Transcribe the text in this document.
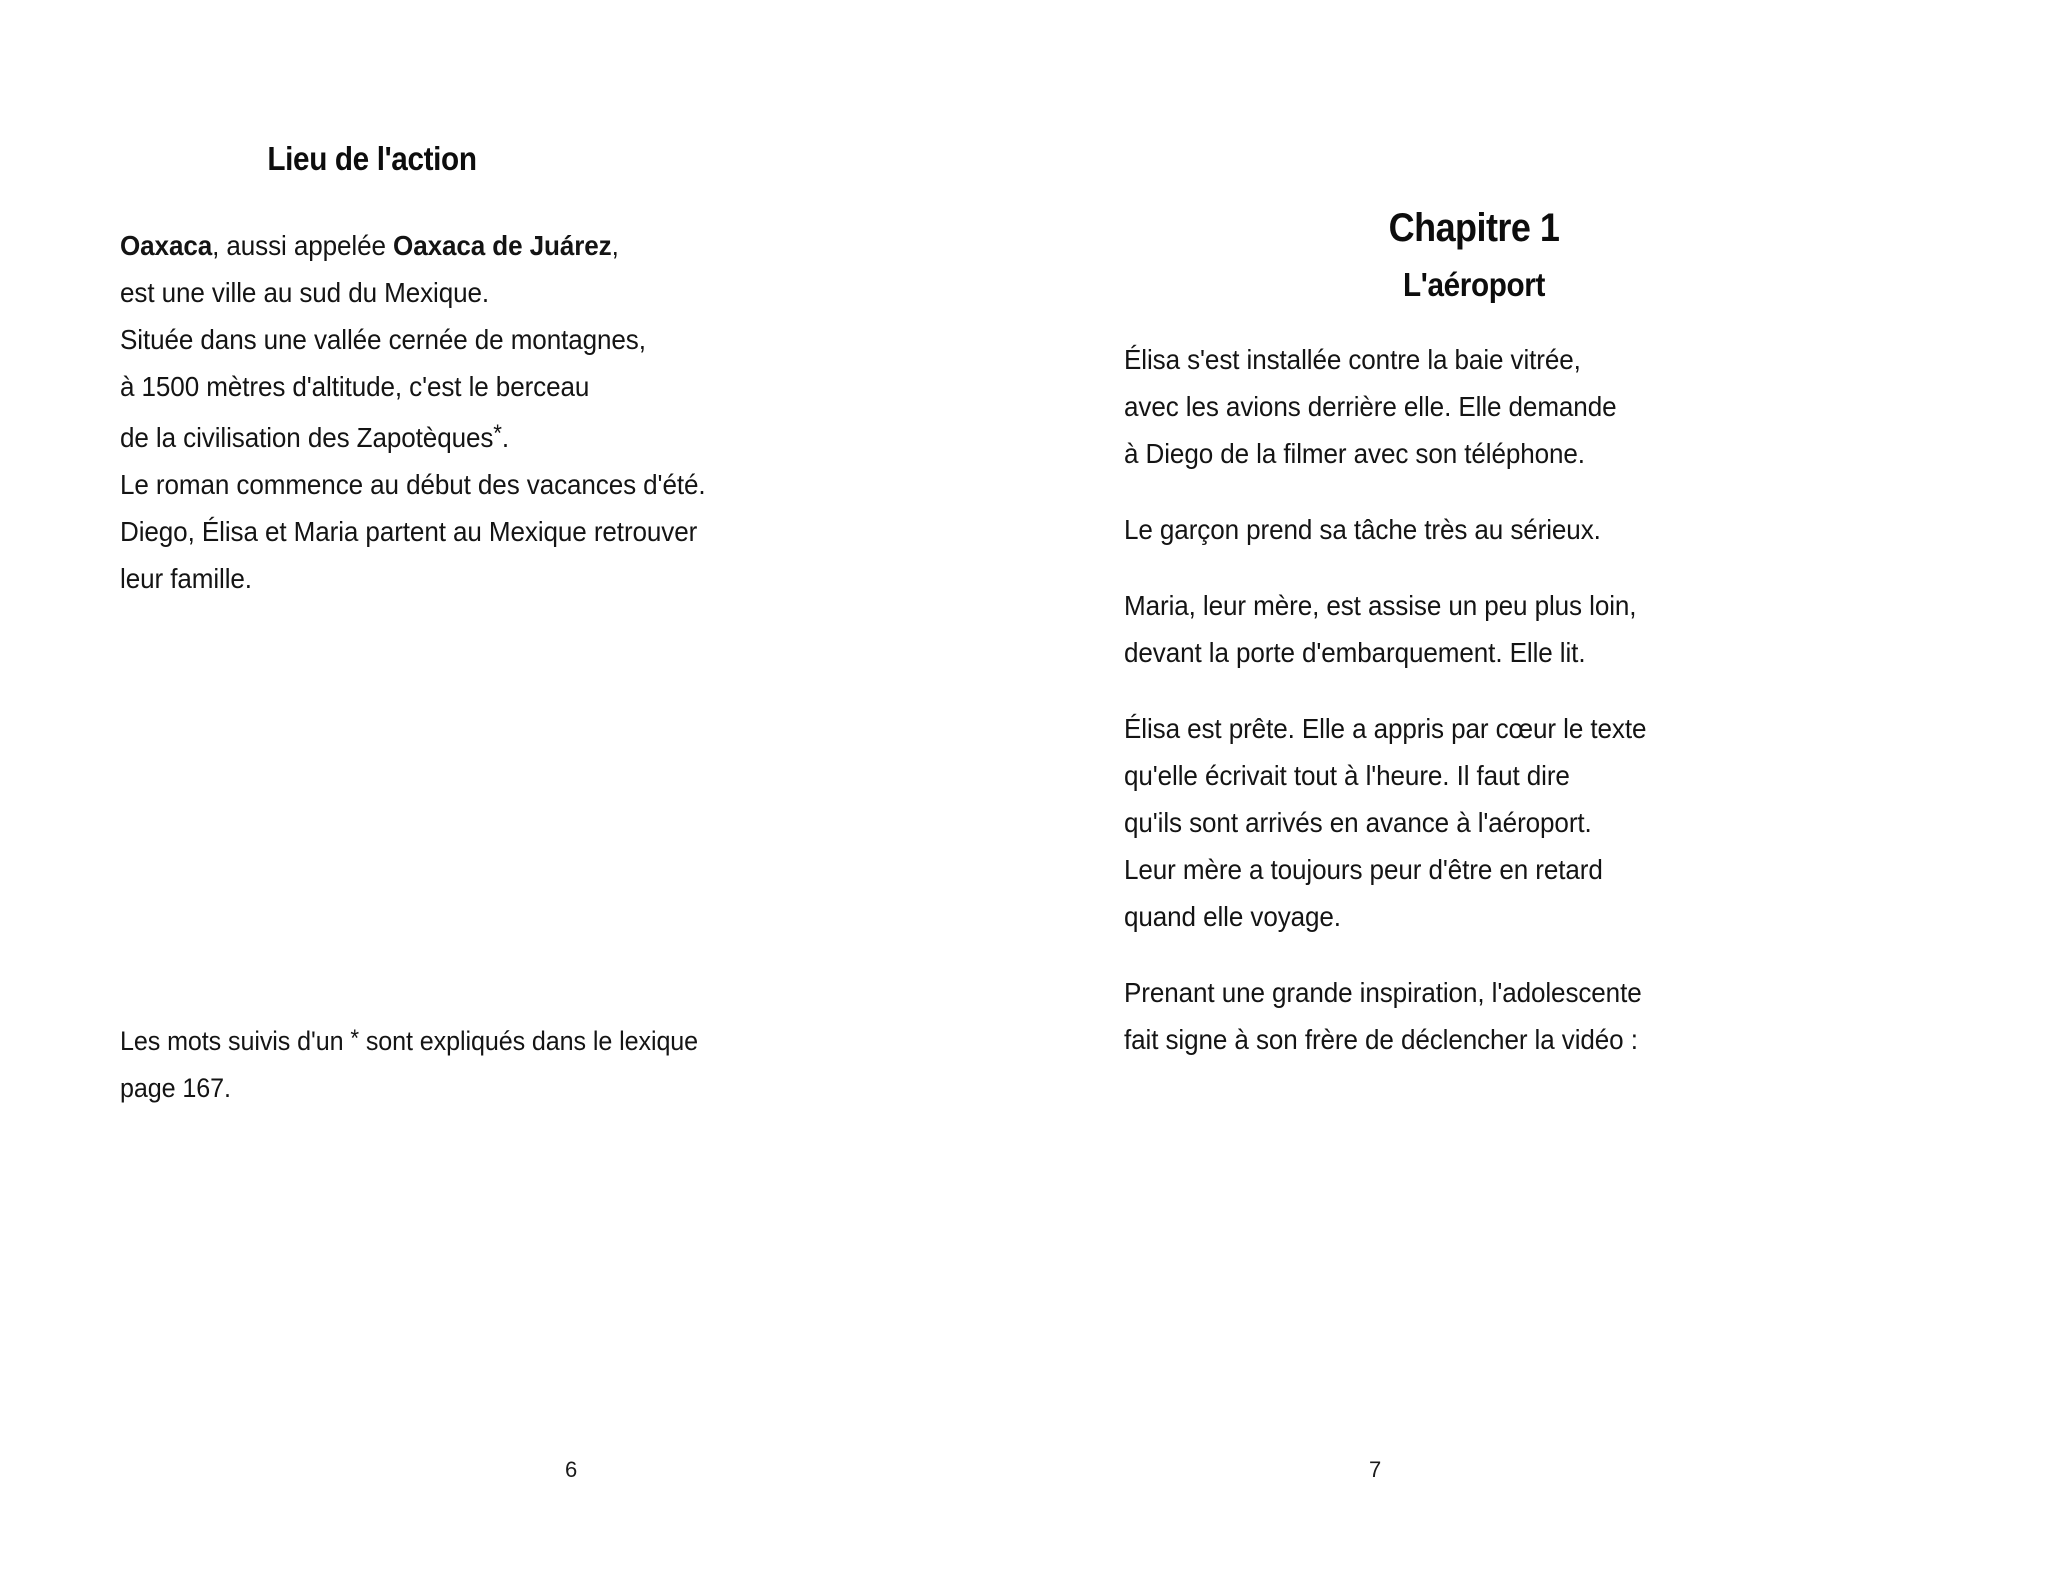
Lieu de l'action
Oaxaca, aussi appelée Oaxaca de Juárez,
est une ville au sud du Mexique.
Située dans une vallée cernée de montagnes,
à 1500 mètres d'altitude, c'est le berceau
de la civilisation des Zapotèques*.
Le roman commence au début des vacances d'été.
Diego, Élisa et Maria partent au Mexique retrouver
leur famille.
Les mots suivis d'un * sont expliqués dans le lexique
page 167.
6
Chapitre 1
L'aéroport
Élisa s'est installée contre la baie vitrée,
avec les avions derrière elle. Elle demande
à Diego de la filmer avec son téléphone.
Le garçon prend sa tâche très au sérieux.
Maria, leur mère, est assise un peu plus loin,
devant la porte d'embarquement. Elle lit.
Élisa est prête. Elle a appris par cœur le texte
qu'elle écrivait tout à l'heure. Il faut dire
qu'ils sont arrivés en avance à l'aéroport.
Leur mère a toujours peur d'être en retard
quand elle voyage.
Prenant une grande inspiration, l'adolescente
fait signe à son frère de déclencher la vidéo :
7
